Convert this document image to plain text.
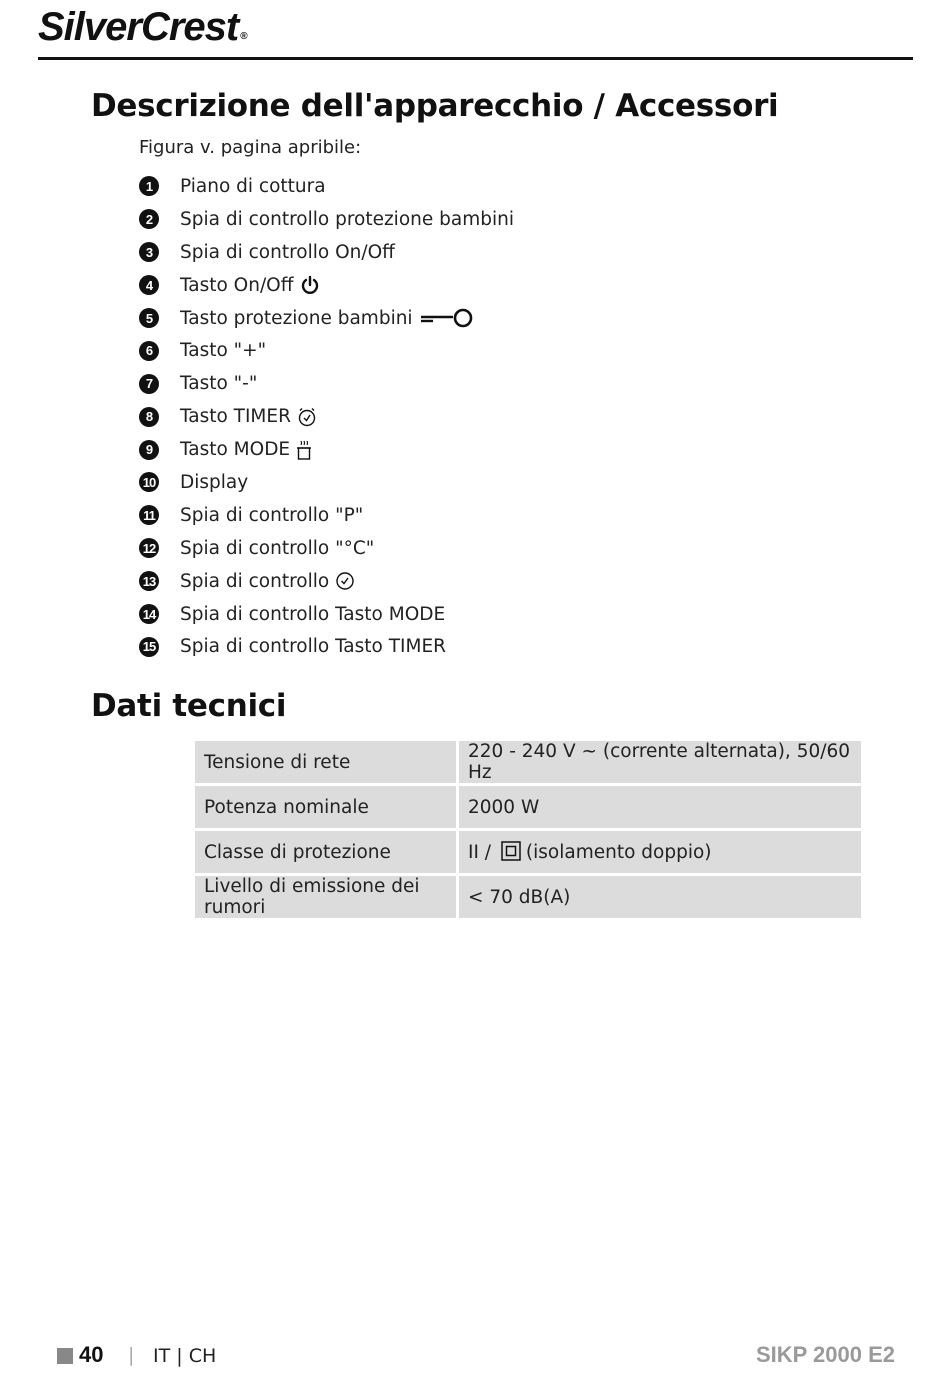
SilverCrest ®
Descrizione dell'apparecchio / Accessori
Figura v. pagina apribile:
1	Piano di cottura
2	Spia di controllo protezione bambini
3	Spia di controllo On/Off
4	Tasto On/Off
5	Tasto protezione bambini
6	Tasto "+"
7	Tasto "-"
8	Tasto TIMER
9	Tasto MODE
10 Display
11 Spia di controllo "P"
12 Spia di controllo "°C"
13 Spia di controllo
14 Spia di controllo Tasto MODE
15 Spia di controllo Tasto TIMER
Dati tecnici
Tensione di rete	220 - 240 V ~ (corrente alternata), 50/60 Hz
Potenza nominale	2000 W
Classe di protezione	II / (isolamento doppio)
Livello di emissione dei rumori	< 70 dB(A)
40 | IT | CH	SIKP 2000 E2
